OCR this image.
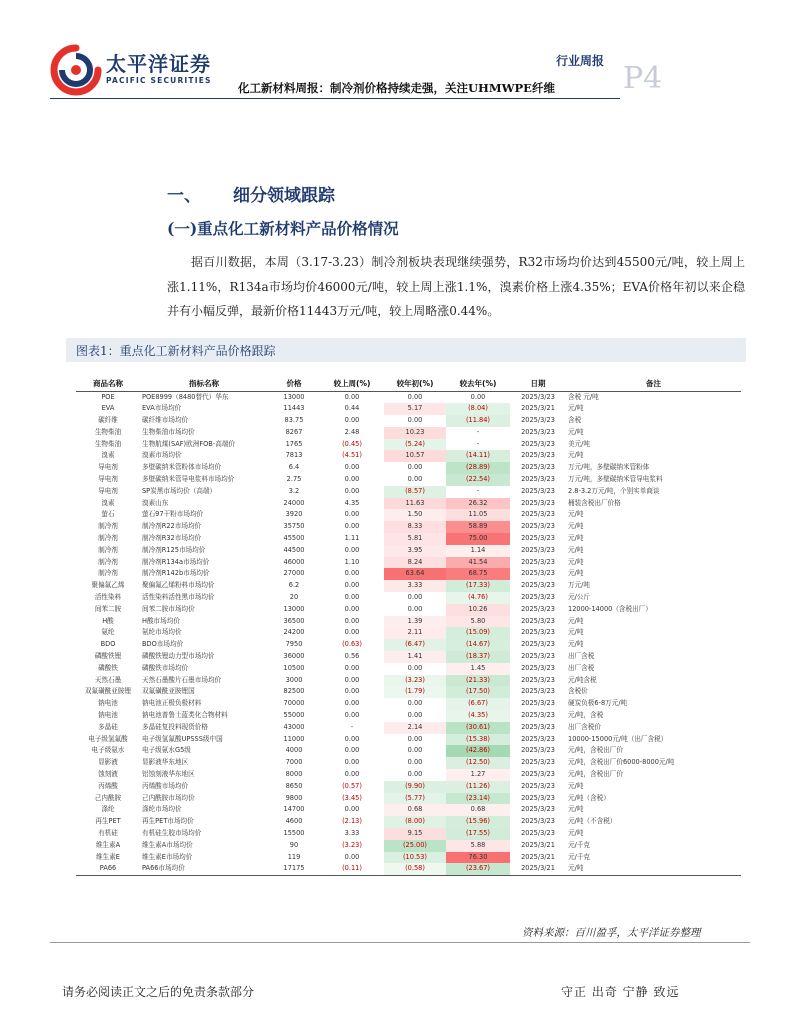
太平洋证券
PACIFIC SECURITIES
行业周报 P4
化工新材料周报：制冷剂价格持续走强，关注UHMWPE纤维
一、 细分领域跟踪
(一)重点化工新材料产品价格情况
据百川数据，本周（3.17-3.23）制冷剂板块表现继续强势，R32市场均价达到45500元/吨，较上周上涨1.11%，R134a市场均价46000元/吨，较上周上涨1.1%，溴素价格上涨4.35%；EVA价格年初以来企稳并有小幅反弹，最新价格11443万元/吨，较上周略涨0.44%。
图表1：重点化工新材料产品价格跟踪
商品名称	指标名称	价格	较上周(%)	较年初(%)	较去年(%)	日期	备注
POE	POE8999（8480替代）华东	13000	0.00	0.00	0.00	2025/3/23	含税 元/吨
EVA	EVA市场均价	11443	0.44	5.17	(8.04)	2025/3/21	元/吨
碳纤维	碳纤维市场均价	83.75	0.00	0.00	(11.84)	2025/3/23	含税
生物柴油	生物柴油市场均价	8267	2.48	10.23	-	2025/3/23	元/吨
生物柴油	生物航煤(SAF)欧洲FOB-高端价	1765	(0.45)	(5.24)	-	2025/3/23	美元/吨
溴素	溴素市场均价	7813	(4.51)	10.57	(14.11)	2025/3/23	元/吨
导电剂	多壁碳纳米管粉体市场均价	6.4	0.00	0.00	(28.89)	2025/3/23	万元/吨，多壁碳纳米管粉体
导电剂	多壁碳纳米管导电浆料市场均价	2.75	0.00	0.00	(22.54)	2025/3/23	万元/吨，多壁碳纳米管导电浆料
导电剂	SP炭黑市场均价（高端）	3.2	0.00	(8.57)	-	2025/3/23	2.8-3.2万元/吨，个别实单商谈
溴素	溴素山东	24000	4.35	11.63	26.32	2025/3/23	桶装含税出厂价格
萤石	萤石97干粉市场均价	3920	0.00	1.50	11.05	2025/3/23	元/吨
制冷剂	制冷剂R22市场均价	35750	0.00	8.33	58.89	2025/3/23	元/吨
制冷剂	制冷剂R32市场均价	45500	1.11	5.81	75.00	2025/3/23	元/吨
制冷剂	制冷剂R125市场均价	44500	0.00	3.95	1.14	2025/3/23	元/吨
制冷剂	制冷剂R134a市场均价	46000	1.10	8.24	41.54	2025/3/23	元/吨
制冷剂	制冷剂R142b市场均价	27000	0.00	63.64	68.75	2025/3/23	元/吨
聚偏氟乙烯	聚偏氟乙烯粉料市场均价	6.2	0.00	3.33	(17.33)	2025/3/23	万元/吨
活性染料	活性染料活性黑市场均价	20	0.00	0.00	(4.76)	2025/3/23	元/公斤
间苯二胺	间苯二胺市场均价	13000	0.00	0.00	10.26	2025/3/23	12000-14000（含税出厂）
H酸	H酸市场均价	36500	0.00	1.39	5.80	2025/3/23	元/吨
氨纶	氨纶市场均价	24200	0.00	2.11	(15.09)	2025/3/23	元/吨
BDO	BDO市场均价	7950	(0.63)	(6.47)	(14.67)	2025/3/23	元/吨
磷酸铁锂	磷酸铁锂动力型市场均价	36000	0.56	1.41	(18.37)	2025/3/23	出厂含税
磷酸铁	磷酸铁市场均价	10500	0.00	0.00	1.45	2025/3/23	出厂含税
天然石墨	天然石墨酸片石墨市场均价	3000	0.00	(3.23)	(21.33)	2025/3/23	元/吨含税
双氟磺酰亚胺锂	双氟磺酰亚胺锂国	82500	0.00	(1.79)	(17.50)	2025/3/23	含税价
钠电池	钠电池正极负极材料	70000	0.00	0.00	(6.67)	2025/3/23	硬炭负极6-8万元/吨
钠电池	钠电池普鲁士蓝类化合物材料	55000	0.00	0.00	(4.35)	2025/3/23	元/吨，含税
多晶硅	多晶硅复投料现货价格	43000	-	2.14	(30.61)	2025/3/23	出厂含税价
电子级氢氟酸	电子级氢氟酸UPSSS级中国	11000	0.00	0.00	(15.38)	2025/3/23	10000-15000元/吨（出厂含税）
电子级氨水	电子级氨水G5级	4000	0.00	0.00	(42.86)	2025/3/23	元/吨，含税出厂价
显影液	显影液华东地区	7000	0.00	0.00	(12.50)	2025/3/23	元/吨，含税出厂价6000-8000元/吨
蚀刻液	铝蚀刻液华东地区	8000	0.00	0.00	1.27	2025/3/23	元/吨，含税出厂价
丙烯酸	丙烯酸市场均价	8650	(0.57)	(9.90)	(11.26)	2025/3/23	元/吨
己内酰胺	己内酰胺市场均价	9800	(3.45)	(5.77)	(23.14)	2025/3/23	元/吨（含税）
涤纶	涤纶市场均价	14700	0.00	0.68	0.68	2025/3/23	元/吨
再生PET	再生PET市场均价	4600	(2.13)	(8.00)	(15.96)	2025/3/23	元/吨（不含税）
有机硅	有机硅生胶市场均价	15500	3.33	9.15	(17.55)	2025/3/23	元/吨
维生素A	维生素A市场均价	90	(3.23)	(25.00)	5.88	2025/3/21	元/千克
维生素E	维生素E市场均价	119	0.00	(10.53)	76.30	2025/3/21	元/千克
PA66	PA66市场均价	17175	(0.11)	(0.58)	(23.67)	2025/3/21	元/吨
资料来源：百川盈孚，太平洋证券整理
请务必阅读正文之后的免责条款部分	守正 出奇 宁静 致远
